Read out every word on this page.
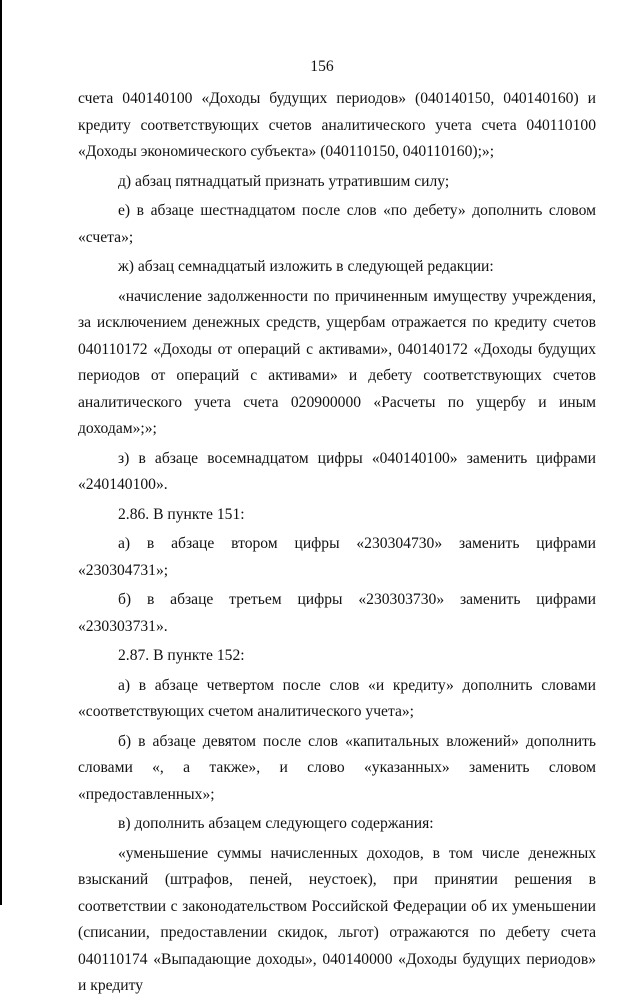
156

счета 040140100 «Доходы будущих периодов» (040140150, 040140160) и кредиту соответствующих счетов аналитического учета счета 040110100 «Доходы экономического субъекта» (040110150, 040110160);»;

д) абзац пятнадцатый признать утратившим силу;

е) в абзаце шестнадцатом после слов «по дебету» дополнить словом «счета»;

ж) абзац семнадцатый изложить в следующей редакции:

«начисление задолженности по причиненным имуществу учреждения, за исключением денежных средств, ущербам отражается по кредиту счетов 040110172 «Доходы от операций с активами», 040140172 «Доходы будущих периодов от операций с активами» и дебету соответствующих счетов аналитического учета счета 020900000 «Расчеты по ущербу и иным доходам»;»;

з) в абзаце восемнадцатом цифры «040140100» заменить цифрами «240140100».

2.86. В пункте 151:

а) в абзаце втором цифры «230304730» заменить цифрами «230304731»;

б) в абзаце третьем цифры «230303730» заменить цифрами «230303731».

2.87. В пункте 152:

а) в абзаце четвертом после слов «и кредиту» дополнить словами «соответствующих счетом аналитического учета»;

б) в абзаце девятом после слов «капитальных вложений» дополнить словами «, а также», и слово «указанных» заменить словом «предоставленных»;

в) дополнить абзацем следующего содержания:

«уменьшение суммы начисленных доходов, в том числе денежных взысканий (штрафов, пеней, неустоек), при принятии решения в соответствии с законодательством Российской Федерации об их уменьшении (списании, предоставлении скидок, льгот) отражаются по дебету счета 040110174 «Выпадающие доходы», 040140000 «Доходы будущих периодов» и кредиту
